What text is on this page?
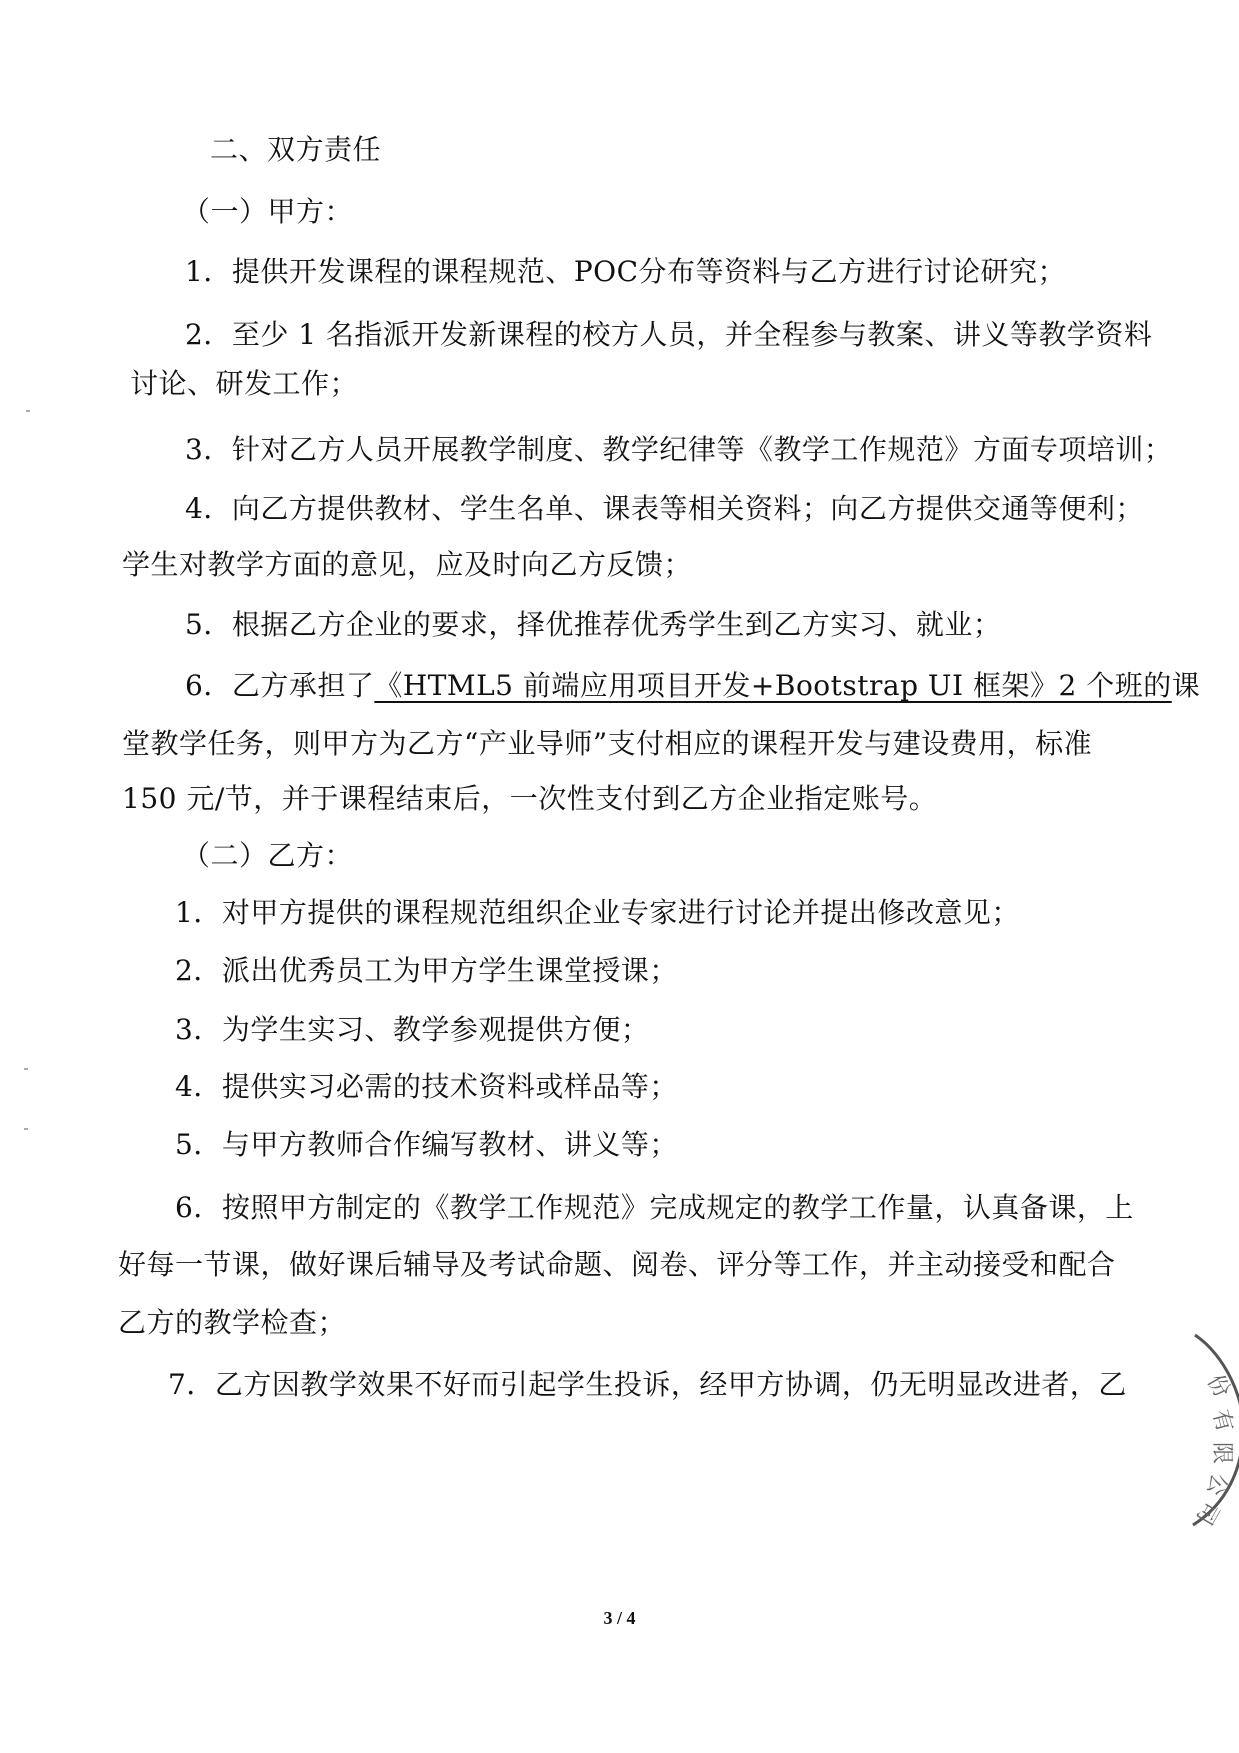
二、双方责任
（一）甲方：
1．提供开发课程的课程规范、POC分布等资料与乙方进行讨论研究；
2．至少 1 名指派开发新课程的校方人员，并全程参与教案、讲义等教学资料
讨论、研发工作；
3．针对乙方人员开展教学制度、教学纪律等《教学工作规范》方面专项培训；
4．向乙方提供教材、学生名单、课表等相关资料；向乙方提供交通等便利；
学生对教学方面的意见，应及时向乙方反馈；
5．根据乙方企业的要求，择优推荐优秀学生到乙方实习、就业；
6．乙方承担了《HTML5 前端应用项目开发+Bootstrap UI 框架》2 个班的课
堂教学任务，则甲方为乙方“产业导师”支付相应的课程开发与建设费用，标准
150 元/节，并于课程结束后，一次性支付到乙方企业指定账号。
（二）乙方：
1．对甲方提供的课程规范组织企业专家进行讨论并提出修改意见；
2．派出优秀员工为甲方学生课堂授课；
3．为学生实习、教学参观提供方便；
4．提供实习必需的技术资料或样品等；
5．与甲方教师合作编写教材、讲义等；
6．按照甲方制定的《教学工作规范》完成规定的教学工作量，认真备课，上
好每一节课，做好课后辅导及考试命题、阅卷、评分等工作，并主动接受和配合
乙方的教学检查；
7．乙方因教学效果不好而引起学生投诉，经甲方协调，仍无明显改进者，乙
3 / 4
份
有
限
公
司
